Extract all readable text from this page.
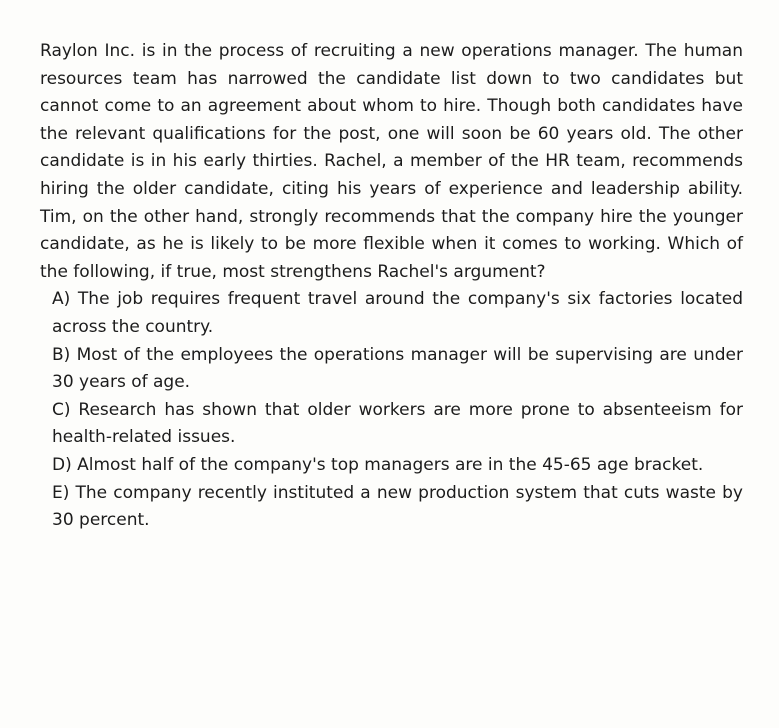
Raylon Inc. is in the process of recruiting a new operations manager. The human resources team has narrowed the candidate list down to two candidates but cannot come to an agreement about whom to hire. Though both candidates have the relevant qualifications for the post, one will soon be 60 years old. The other candidate is in his early thirties. Rachel, a member of the HR team, recommends hiring the older candidate, citing his years of experience and leadership ability. Tim, on the other hand, strongly recommends that the company hire the younger candidate, as he is likely to be more flexible when it comes to working. Which of the following, if true, most strengthens Rachel's argument?

A) The job requires frequent travel around the company's six factories located across the country.
B) Most of the employees the operations manager will be supervising are under 30 years of age.
C) Research has shown that older workers are more prone to absenteeism for health-related issues.
D) Almost half of the company's top managers are in the 45-65 age bracket.
E) The company recently instituted a new production system that cuts waste by 30 percent.
